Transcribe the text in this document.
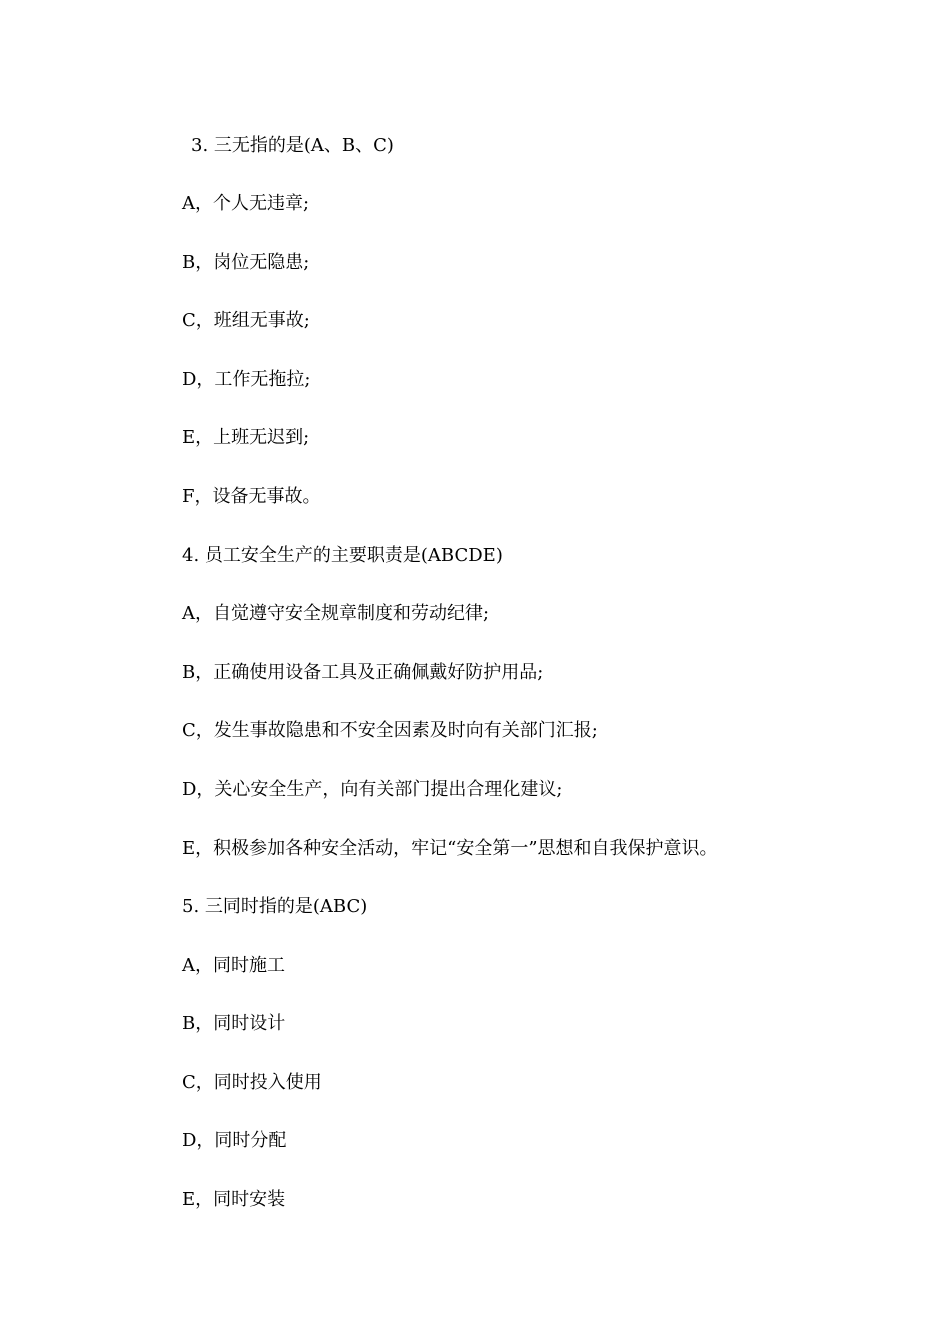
3. 三无指的是(A、B、C)
A，个人无违章;
B，岗位无隐患;
C，班组无事故;
D，工作无拖拉;
E，上班无迟到;
F，设备无事故。
4. 员工安全生产的主要职责是(ABCDE)
A，自觉遵守安全规章制度和劳动纪律;
B，正确使用设备工具及正确佩戴好防护用品;
C，发生事故隐患和不安全因素及时向有关部门汇报;
D，关心安全生产，向有关部门提出合理化建议;
E，积极参加各种安全活动，牢记“安全第一”思想和自我保护意识。
5. 三同时指的是(ABC)
A，同时施工
B，同时设计
C，同时投入使用
D，同时分配
E，同时安装
